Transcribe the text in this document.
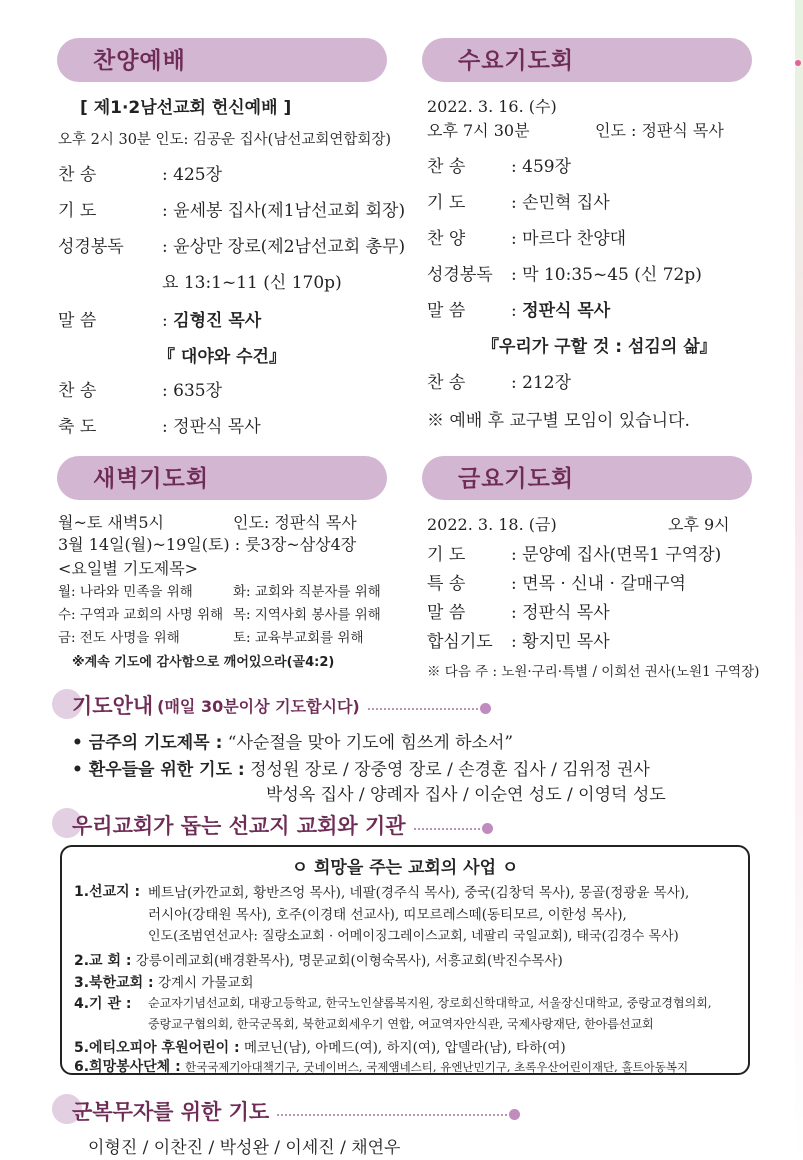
찬양예배
[ 제1·2남선교회 헌신예배 ]
오후 2시 30분 인도: 김공운 집사(남선교회연합회장)
찬 송	: 425장
기 도	: 윤세봉 집사(제1남선교회 회장)
성경봉독 : 윤상만 장로(제2남선교회 총무)
요 13:1~11 (신 170p)
말 씀	: 김형진 목사
『 대야와 수건』
찬 송	: 635장
축 도	: 정판식 목사
수요기도회
2022. 3. 16. (수)
오후 7시 30분	인도 : 정판식 목사
찬 송	: 459장
기 도	: 손민혁 집사
찬 양	: 마르다 찬양대
성경봉독 : 막 10:35~45 (신 72p)
말 씀	: 정판식 목사
『우리가 구할 것 : 섬김의 삶』
찬 송	: 212장
※ 예배 후 교구별 모임이 있습니다.
새벽기도회
월~토 새벽5시	인도: 정판식 목사
3월 14일(월)~19일(토) : 룻3장~삼상4장
<요일별 기도제목>
월: 나라와 민족을 위해	화: 교회와 직분자를 위해
수: 구역과 교회의 사명 위해 목: 지역사회 봉사를 위해
금: 전도 사명을 위해	토: 교육부교회를 위해
※계속 기도에 감사함으로 깨어있으라(골4:2)
금요기도회
2022. 3. 18. (금)	오후 9시
기 도	: 문양예 집사(면목1 구역장)
특 송	: 면목 · 신내 · 갈매구역
말 씀	: 정판식 목사
합심기도 : 황지민 목사
※ 다음 주 : 노원·구리·특별 / 이희선 권사(노원1 구역장)
기도안내 (매일 30분이상 기도합시다)
• 금주의 기도제목 : “사순절을 맞아 기도에 힘쓰게 하소서”
• 환우들을 위한 기도 : 정성원 장로 / 장중영 장로 / 손경훈 집사 / 김위정 권사
박성옥 집사 / 양례자 집사 / 이순연 성도 / 이영덕 성도
우리교회가 돕는 선교지 교회와 기관
ㅇ 희망을 주는 교회의 사업 ㅇ
1.선교지 : 베트남(카깐교회, 황반즈엉 목사), 네팔(경주식 목사), 중국(김창덕 목사), 몽골(정광윤 목사),
러시아(강태원 목사), 호주(이경태 선교사), 띠모르레스떼(동티모르, 이한성 목사),
인도(조범연선교사: 질랑소교회 · 어메이징그레이스교회, 네팔리 국일교회), 태국(김경수 목사)
2.교 회 : 강릉이레교회(배경환목사), 명문교회(이형숙목사), 서흥교회(박진수목사)
3.북한교회 : 강계시 가물교회
4.기 관 : 순교자기념선교회, 대광고등학교, 한국노인샬롬복지원, 장로회신학대학교, 서울장신대학교, 중랑교경협의회,
중랑교구협의회, 한국군목회, 북한교회세우기 연합, 여교역자안식관, 국제사랑재단, 한아름선교회
5.에티오피아 후원어린이 : 메코닌(남), 아메드(여), 하지(여), 압델라(남), 타하(여)
6.희망봉사단체 : 한국국제기아대책기구, 굿네이버스, 국제앰네스티, 유엔난민기구, 초록우산어린이재단, 홀트아동복지
군복무자를 위한 기도
이형진 / 이찬진 / 박성완 / 이세진 / 채연우
